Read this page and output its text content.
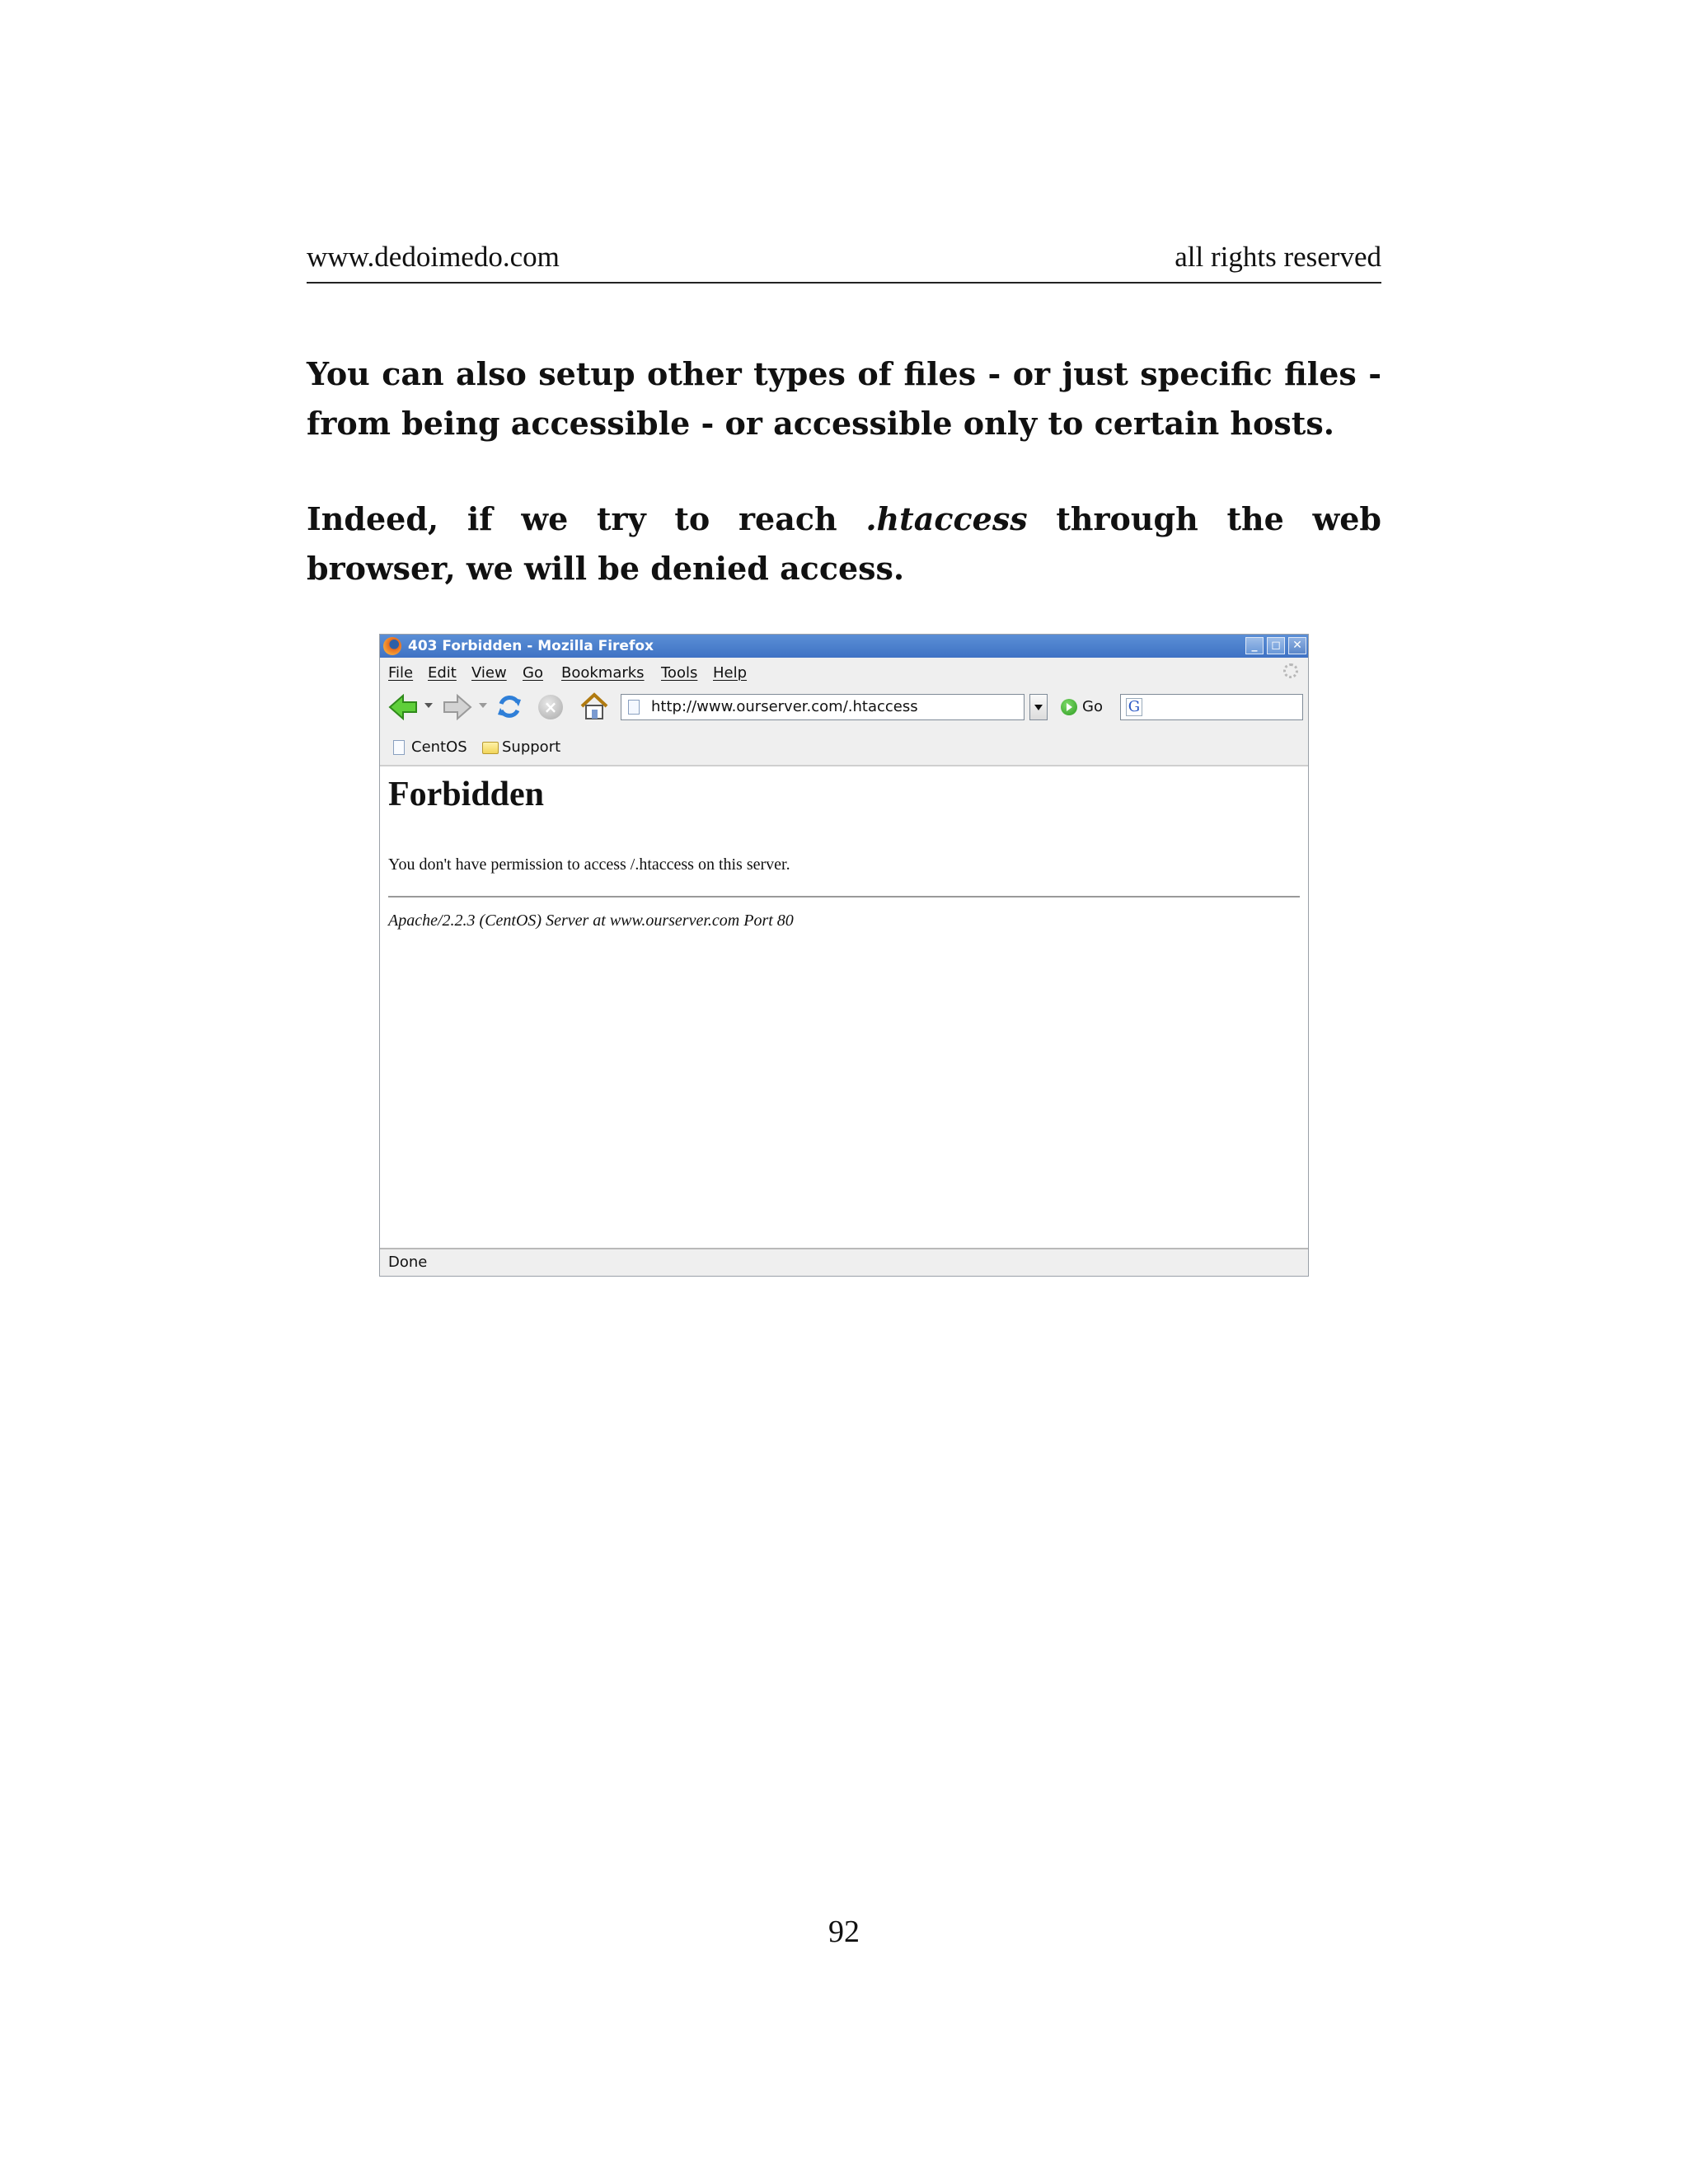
www.dedoimedo.com	all rights reserved

You can also setup other types of files - or just specific files - from being accessible - or accessible only to certain hosts.

Indeed, if we try to reach .htaccess through the web browser, we will be denied access.

403 Forbidden - Mozilla Firefox	_	◻	✕
File Edit View Go Bookmarks Tools Help
×	http://www.ourserver.com/.htaccess	Go G
CentOS Support
Forbidden

You don't have permission to access /.htaccess on this server.

Apache/2.2.3 (CentOS) Server at www.ourserver.com Port 80

Done
92
